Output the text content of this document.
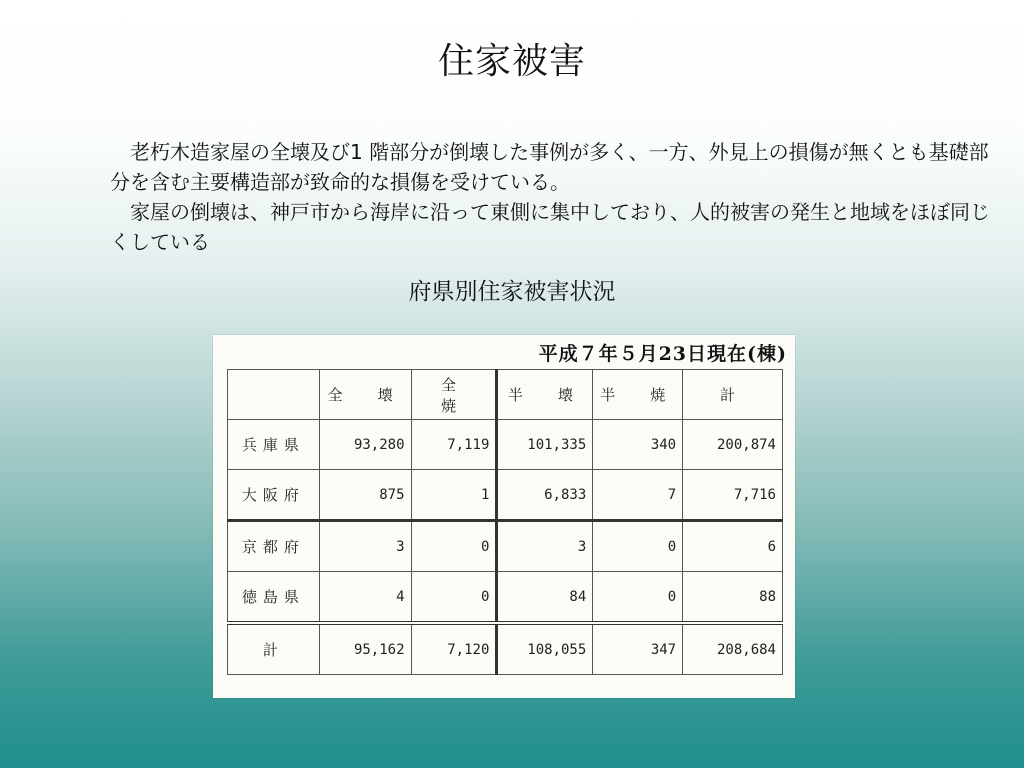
住家被害

老朽木造家屋の全壊及び1 階部分が倒壊した事例が多く、一方、外見上の損傷が無くとも基礎部分を含む主要構造部が致命的な損傷を受けている。

家屋の倒壊は、神戸市から海岸に沿って東側に集中しており、人的被害の発生と地域をほぼ同じくしている

府県別住家被害状況
平成７年５月23日現在(棟)
	全　壊	全　焼	半　壊	半　焼	計
兵庫県	93,280	7,119	101,335	340	200,874
大阪府	875	1	6,833	7	7,716
京都府	3	0	3	0	6
徳島県	4	0	84	0	88
計	95,162	7,120	108,055	347	208,684
